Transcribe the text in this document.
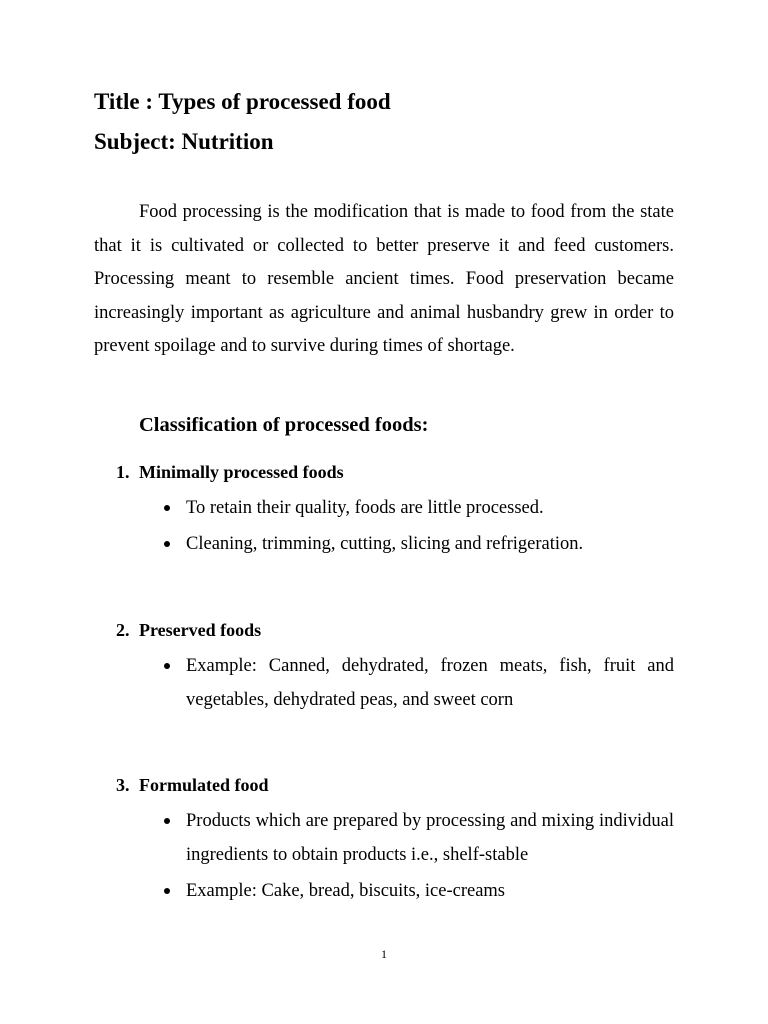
Title : Types of processed food
Subject: Nutrition

Food processing is the modification that is made to food from the state that it is cultivated or collected to better preserve it and feed customers. Processing meant to resemble ancient times. Food preservation became increasingly important as agriculture and animal husbandry grew in order to prevent spoilage and to survive during times of shortage.

Classification of processed foods:
1. Minimally processed foods
To retain their quality, foods are little processed.
Cleaning, trimming, cutting, slicing and refrigeration.
2. Preserved foods
Example: Canned, dehydrated, frozen meats, fish, fruit and vegetables, dehydrated peas, and sweet corn
3. Formulated food
Products which are prepared by processing and mixing individual ingredients to obtain products i.e., shelf-stable
Example: Cake, bread, biscuits, ice-creams
1
